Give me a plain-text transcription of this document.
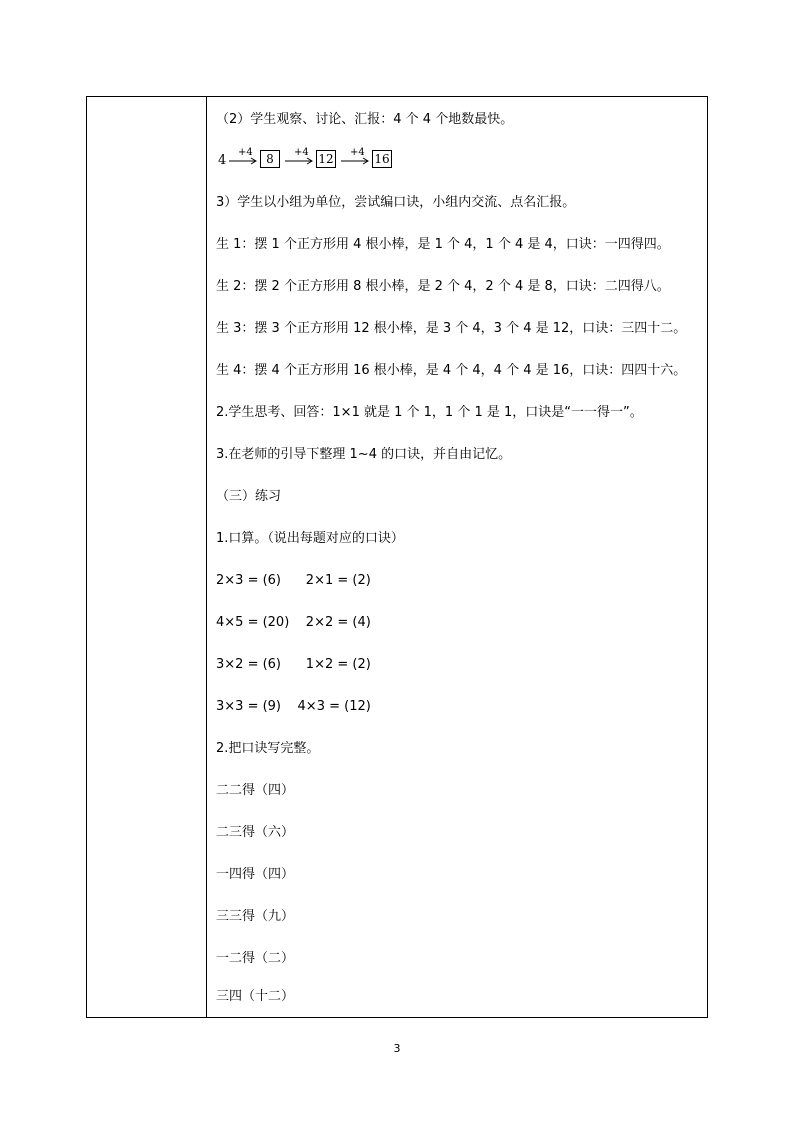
（2）学生观察、讨论、汇报：4 个 4 个地数最快。
4
+4	8	+4 12 +4 16
3）学生以小组为单位，尝试编口诀，小组内交流、点名汇报。
生 1：摆 1 个正方形用 4 根小棒，是 1 个 4，1 个 4 是 4，口诀：一四得四。
生 2：摆 2 个正方形用 8 根小棒，是 2 个 4，2 个 4 是 8，口诀：二四得八。
生 3：摆 3 个正方形用 12 根小棒，是 3 个 4，3 个 4 是 12，口诀：三四十二。
生 4：摆 4 个正方形用 16 根小棒，是 4 个 4，4 个 4 是 16，口诀：四四十六。
2.学生思考、回答：1×1 就是 1 个 1，1 个 1 是 1，口诀是“一一得一”。
3.在老师的引导下整理 1~4 的口诀，并自由记忆。
（三）练习
1.口算。（说出每题对应的口诀）
2×3 = (6)      2×1 = (2)
4×5 = (20)    2×2 = (4)
3×2 = (6)      1×2 = (2)
3×3 = (9)    4×3 = (12)
2.把口诀写完整。
二二得（四）
二三得（六）
一四得（四）
三三得（九）
一二得（二）
三四（十二）
3
